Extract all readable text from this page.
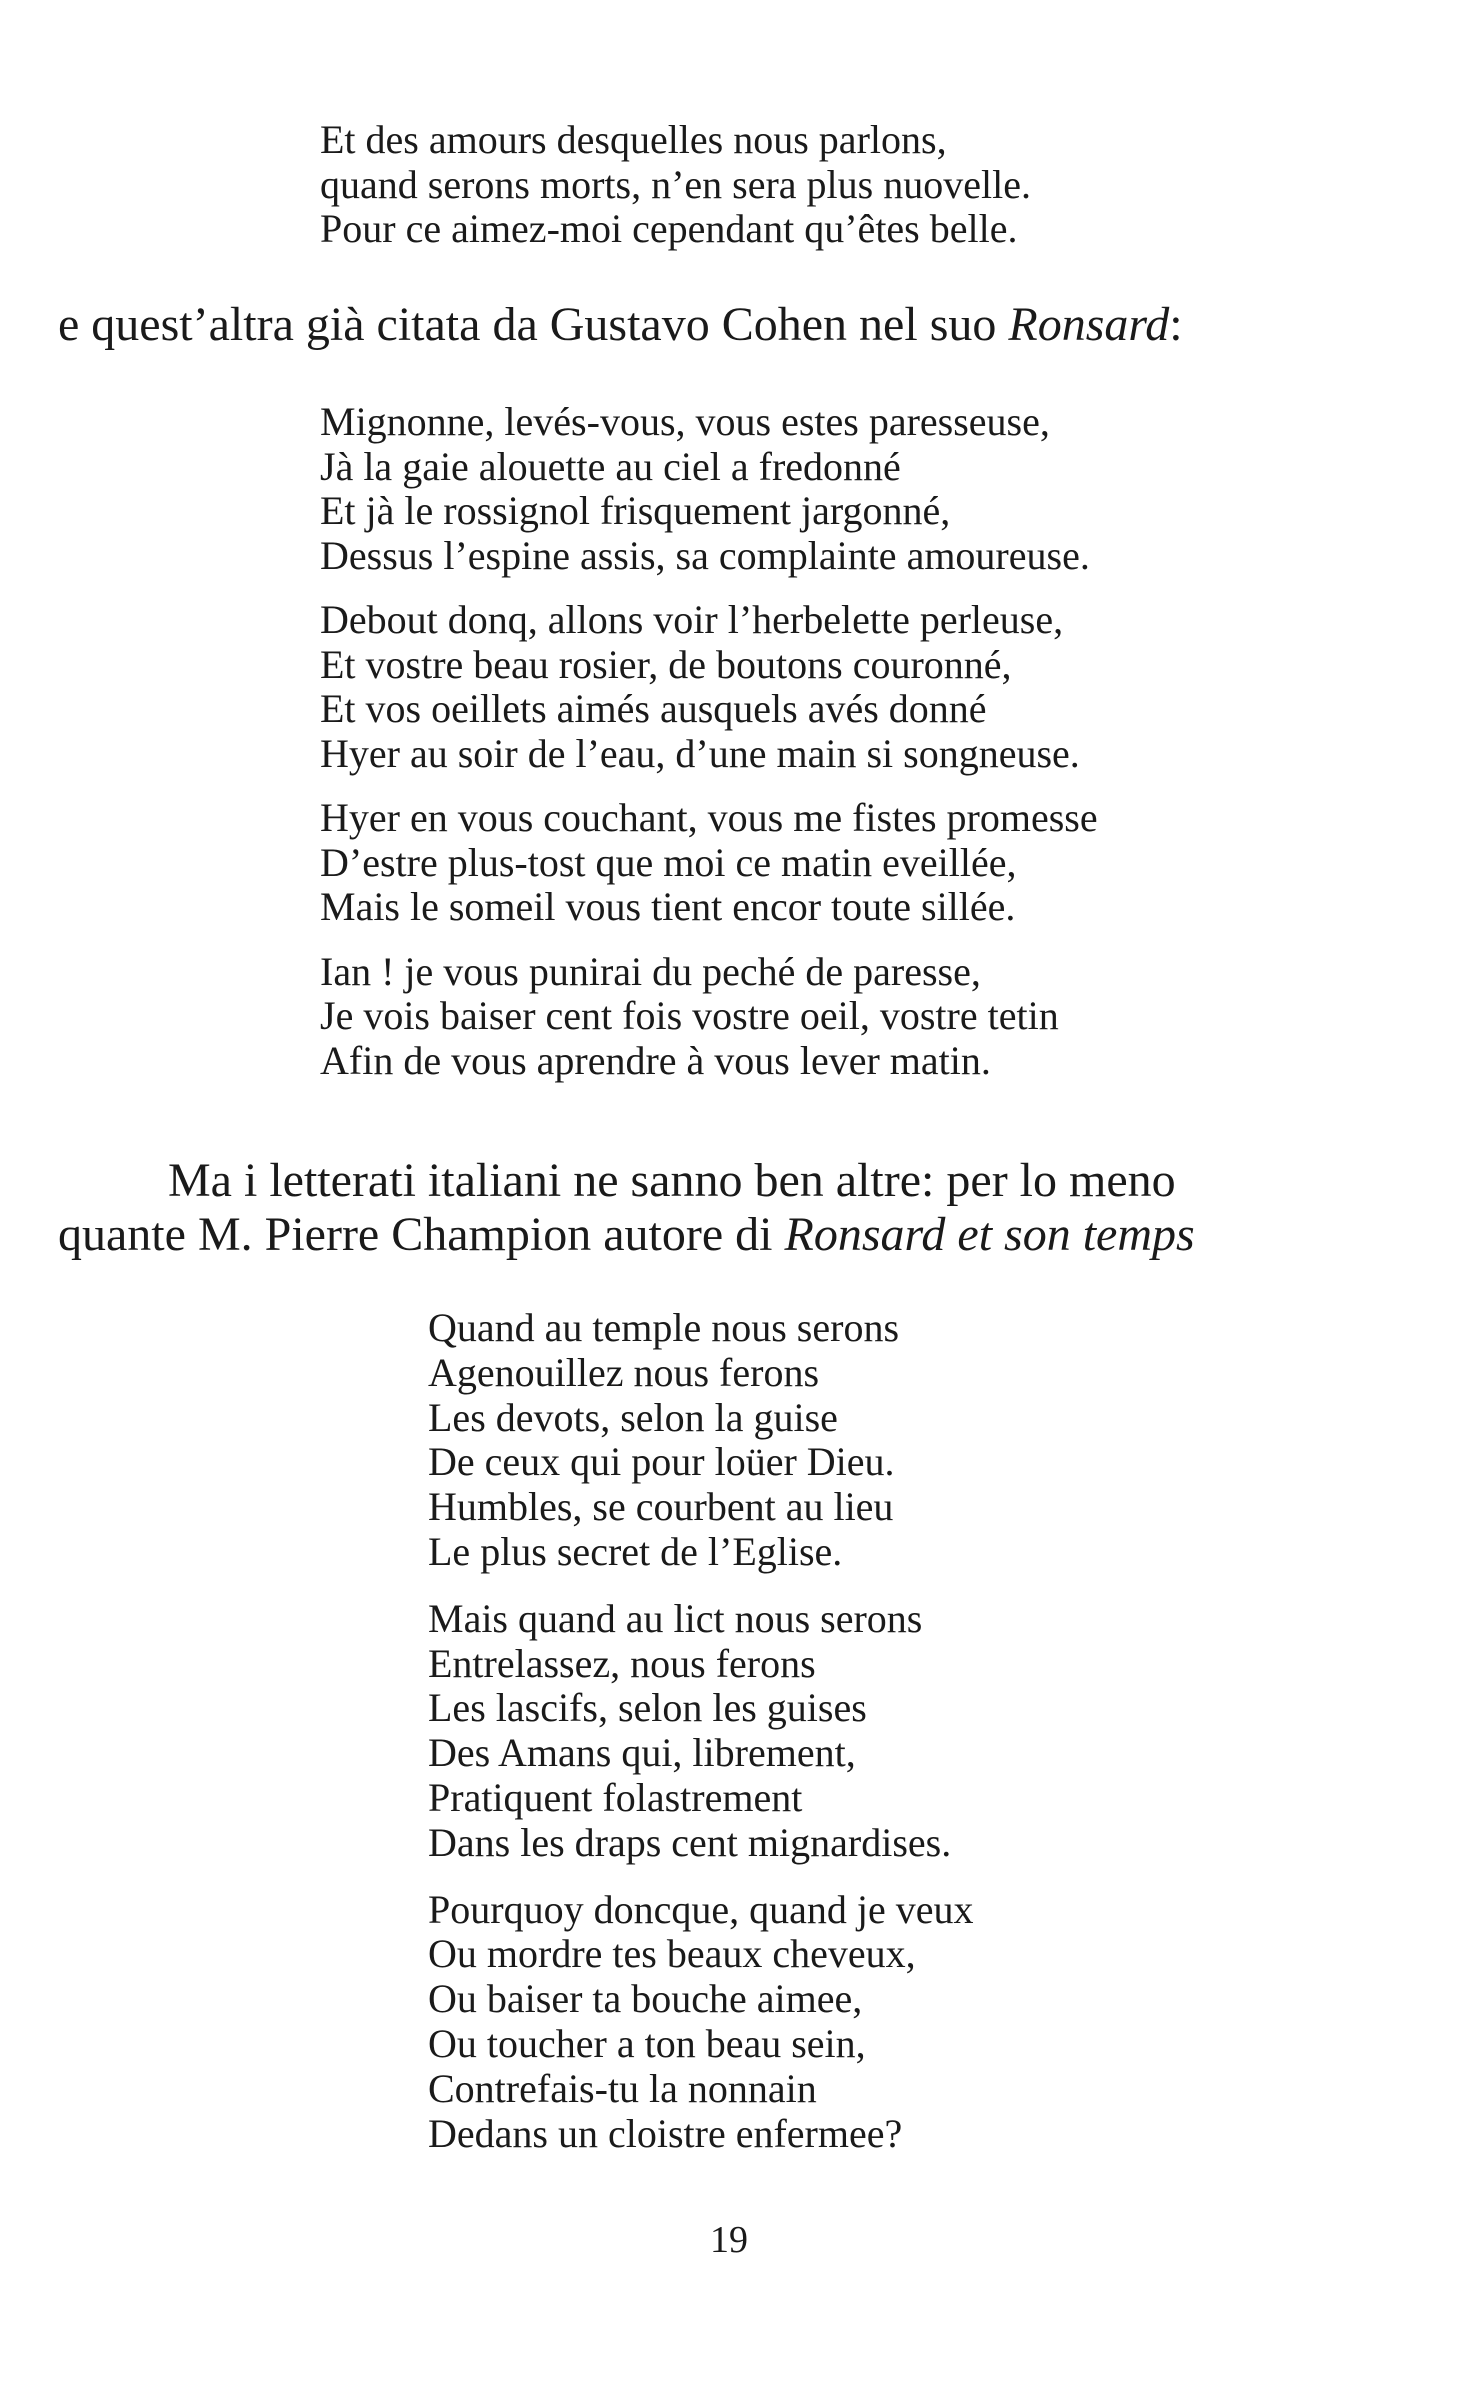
Et des amours desquelles nous parlons,
quand serons morts, n’en sera plus nuovelle.
Pour ce aimez-moi cependant qu’êtes belle.
e quest’altra già citata da Gustavo Cohen nel suo Ronsard:
Mignonne, levés-vous, vous estes paresseuse,
Jà la gaie alouette au ciel a fredonné
Et jà le rossignol frisquement jargonné,
Dessus l’espine assis, sa complainte amoureuse.
Debout donq, allons voir l’herbelette perleuse,
Et vostre beau rosier, de boutons couronné,
Et vos oeillets aimés ausquels avés donné
Hyer au soir de l’eau, d’une main si songneuse.
Hyer en vous couchant, vous me fistes promesse
D’estre plus-tost que moi ce matin eveillée,
Mais le someil vous tient encor toute sillée.
Ian ! je vous punirai du peché de paresse,
Je vois baiser cent fois vostre oeil, vostre tetin
Afin de vous aprendre à vous lever matin.
Ma i letterati italiani ne sanno ben altre: per lo meno
quante M. Pierre Champion autore di Ronsard et son temps
Quand au temple nous serons
Agenouillez nous ferons
Les devots, selon la guise
De ceux qui pour loüer Dieu.
Humbles, se courbent au lieu
Le plus secret de l’Eglise.
Mais quand au lict nous serons
Entrelassez, nous ferons
Les lascifs, selon les guises
Des Amans qui, librement,
Pratiquent folastrement
Dans les draps cent mignardises.
Pourquoy doncque, quand je veux
Ou mordre tes beaux cheveux,
Ou baiser ta bouche aimee,
Ou toucher a ton beau sein,
Contrefais-tu la nonnain
Dedans un cloistre enfermee?
19
